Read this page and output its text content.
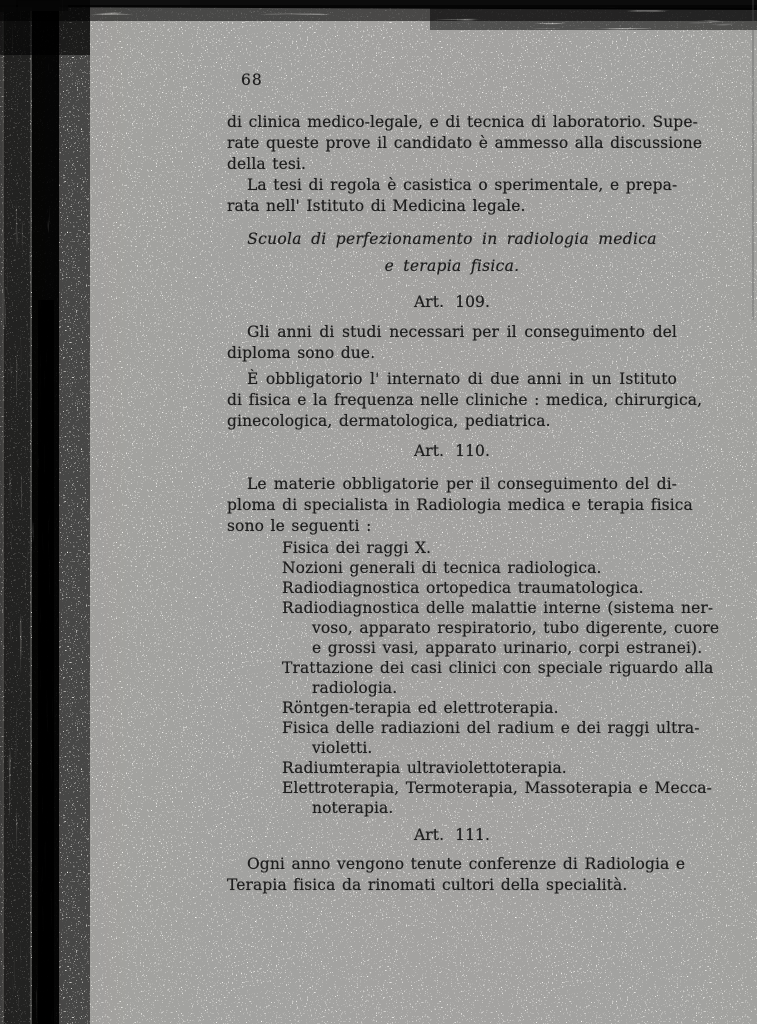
68
di clinica medico-legale, e di tecnica di laboratorio. Supe-
rate queste prove il candidato è ammesso alla discussione
della tesi.
La tesi di regola è casistica o sperimentale, e prepa-
rata nell' Istituto di Medicina legale.
Scuola di perfezionamento in radiologia medica
e terapia fisica.
Art. 109.
Gli anni di studi necessari per il conseguimento del
diploma sono due.
È obbligatorio l' internato di due anni in un Istituto
di fisica e la frequenza nelle cliniche : medica, chirurgica,
ginecologica, dermatologica, pediatrica.
Art. 110.
Le materie obbligatorie per il conseguimento del di-
ploma di specialista in Radiologia medica e terapia fisica
sono le seguenti :
Fisica dei raggi X.
Nozioni generali di tecnica radiologica.
Radiodiagnostica ortopedica traumatologica.
Radiodiagnostica delle malattie interne (sistema ner-
voso, apparato respiratorio, tubo digerente, cuore
e grossi vasi, apparato urinario, corpi estranei).
Trattazione dei casi clinici con speciale riguardo alla
radiologia.
Röntgen-terapia ed elettroterapia.
Fisica delle radiazioni del radium e dei raggi ultra-
violetti.
Radiumterapia ultraviolettoterapia.
Elettroterapia, Termoterapia, Massoterapia e Mecca-
noterapia.
Art. 111.
Ogni anno vengono tenute conferenze di Radiologia e
Terapia fisica da rinomati cultori della specialità.
